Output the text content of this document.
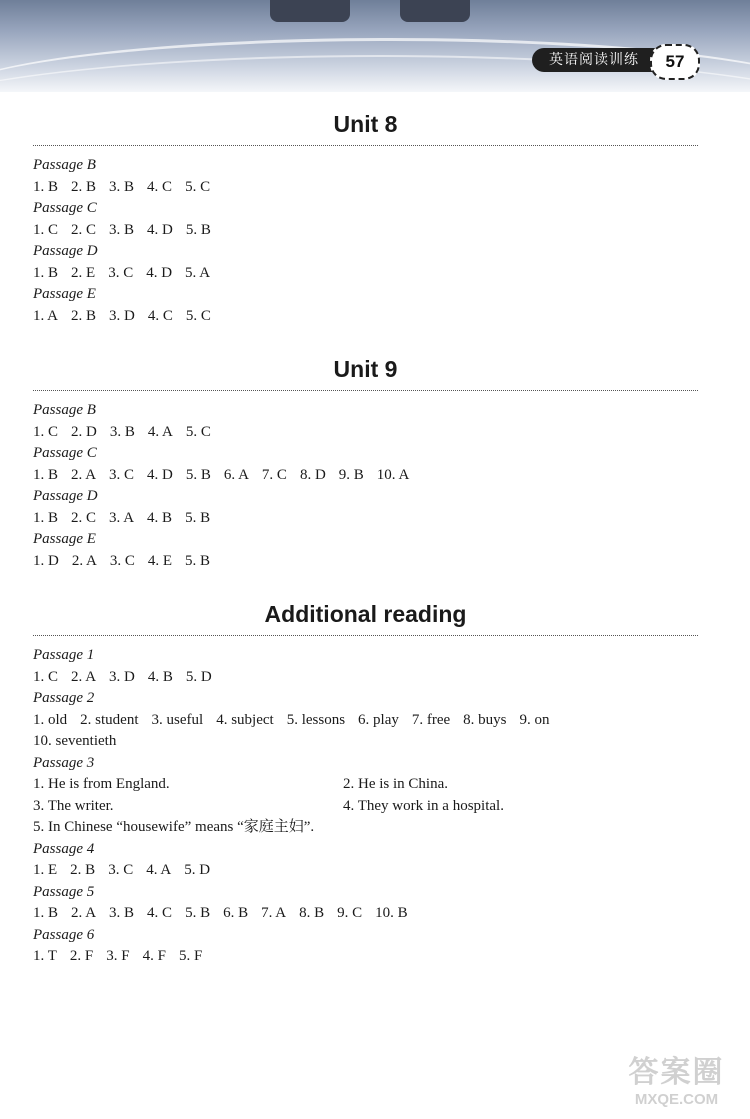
英语阅读训练	57
Unit 8
Passage B
1. B 2. B 3. B 4. C 5. C
Passage C
1. C 2. C 3. B 4. D 5. B
Passage D
1. B 2. E 3. C 4. D 5. A
Passage E
1. A 2. B 3. D 4. C 5. C
Unit 9
Passage B
1. C 2. D 3. B 4. A 5. C
Passage C
1. B 2. A 3. C 4. D 5. B 6. A 7. C 8. D 9. B 10. A
Passage D
1. B 2. C 3. A 4. B 5. B
Passage E
1. D 2. A 3. C 4. E 5. B
Additional reading
Passage 1
1. C 2. A 3. D 4. B 5. D
Passage 2
1. old 2. student 3. useful 4. subject 5. lessons 6. play 7. free 8. buys 9. on
10. seventieth
Passage 3
1. He is from England.	2. He is in China.
3. The writer.	4. They work in a hospital.
5. In Chinese “housewife” means “家庭主妇”.
Passage 4
1. E 2. B 3. C 4. A 5. D
Passage 5
1. B 2. A 3. B 4. C 5. B 6. B 7. A 8. B 9. C 10. B
Passage 6
1. T 2. F 3. F 4. F 5. F
答案圈
MXQE.COM
